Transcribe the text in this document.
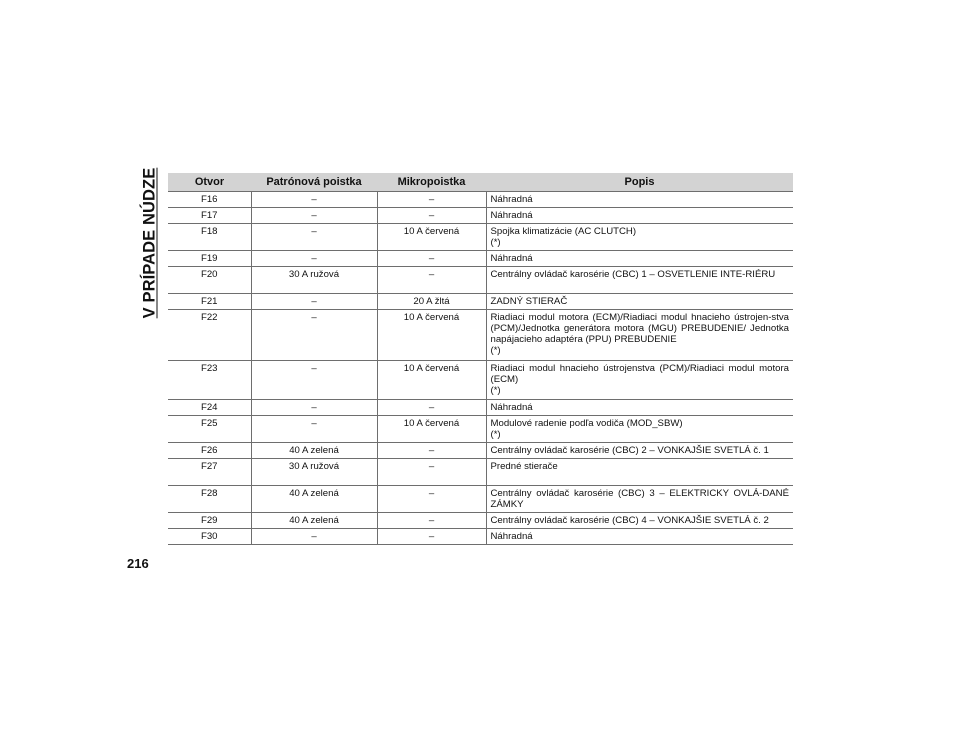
V PRÍPADE NÚDZE	Otvor	Patrónová poistka	Mikropoistka	Popis
F16	–	–	Náhradná

F17	–	–	Náhradná

F18	–	10 A červená	Spojka klimatizácie (AC CLUTCH)
(*)

F19	–	–	Náhradná

F20	30 A ružová	–	Centrálny ovládač karosérie (CBC) 1 – OSVETLENIE INTE-RIÉRU

F21	–	20 A žltá	ZADNÝ STIERAČ

F22	–	10 A červená	Riadiaci modul motora (ECM)/Riadiaci modul hnacieho ústrojen-stva (PCM)/Jednotka generátora motora (MGU) PREBUDENIE/ Jednotka napájacieho adaptéra (PPU) PREBUDENIE
(*)

F23	–	10 A červená	Riadiaci modul hnacieho ústrojenstva (PCM)/Riadiaci modul motora (ECM)
(*)

F24	–	–	Náhradná

F25	–	10 A červená	Modulové radenie podľa vodiča (MOD_SBW)
(*)

F26	40 A zelená	–	Centrálny ovládač karosérie (CBC) 2 – VONKAJŠIE SVETLÁ č. 1

F27	30 A ružová	–	Predné stierače

F28	40 A zelená	–	Centrálny ovládač karosérie (CBC) 3 – ELEKTRICKY OVLÁ-DANÉ ZÁMKY

F29	40 A zelená	–	Centrálny ovládač karosérie (CBC) 4 – VONKAJŠIE SVETLÁ č. 2

F30	–	–	Náhradná
216
